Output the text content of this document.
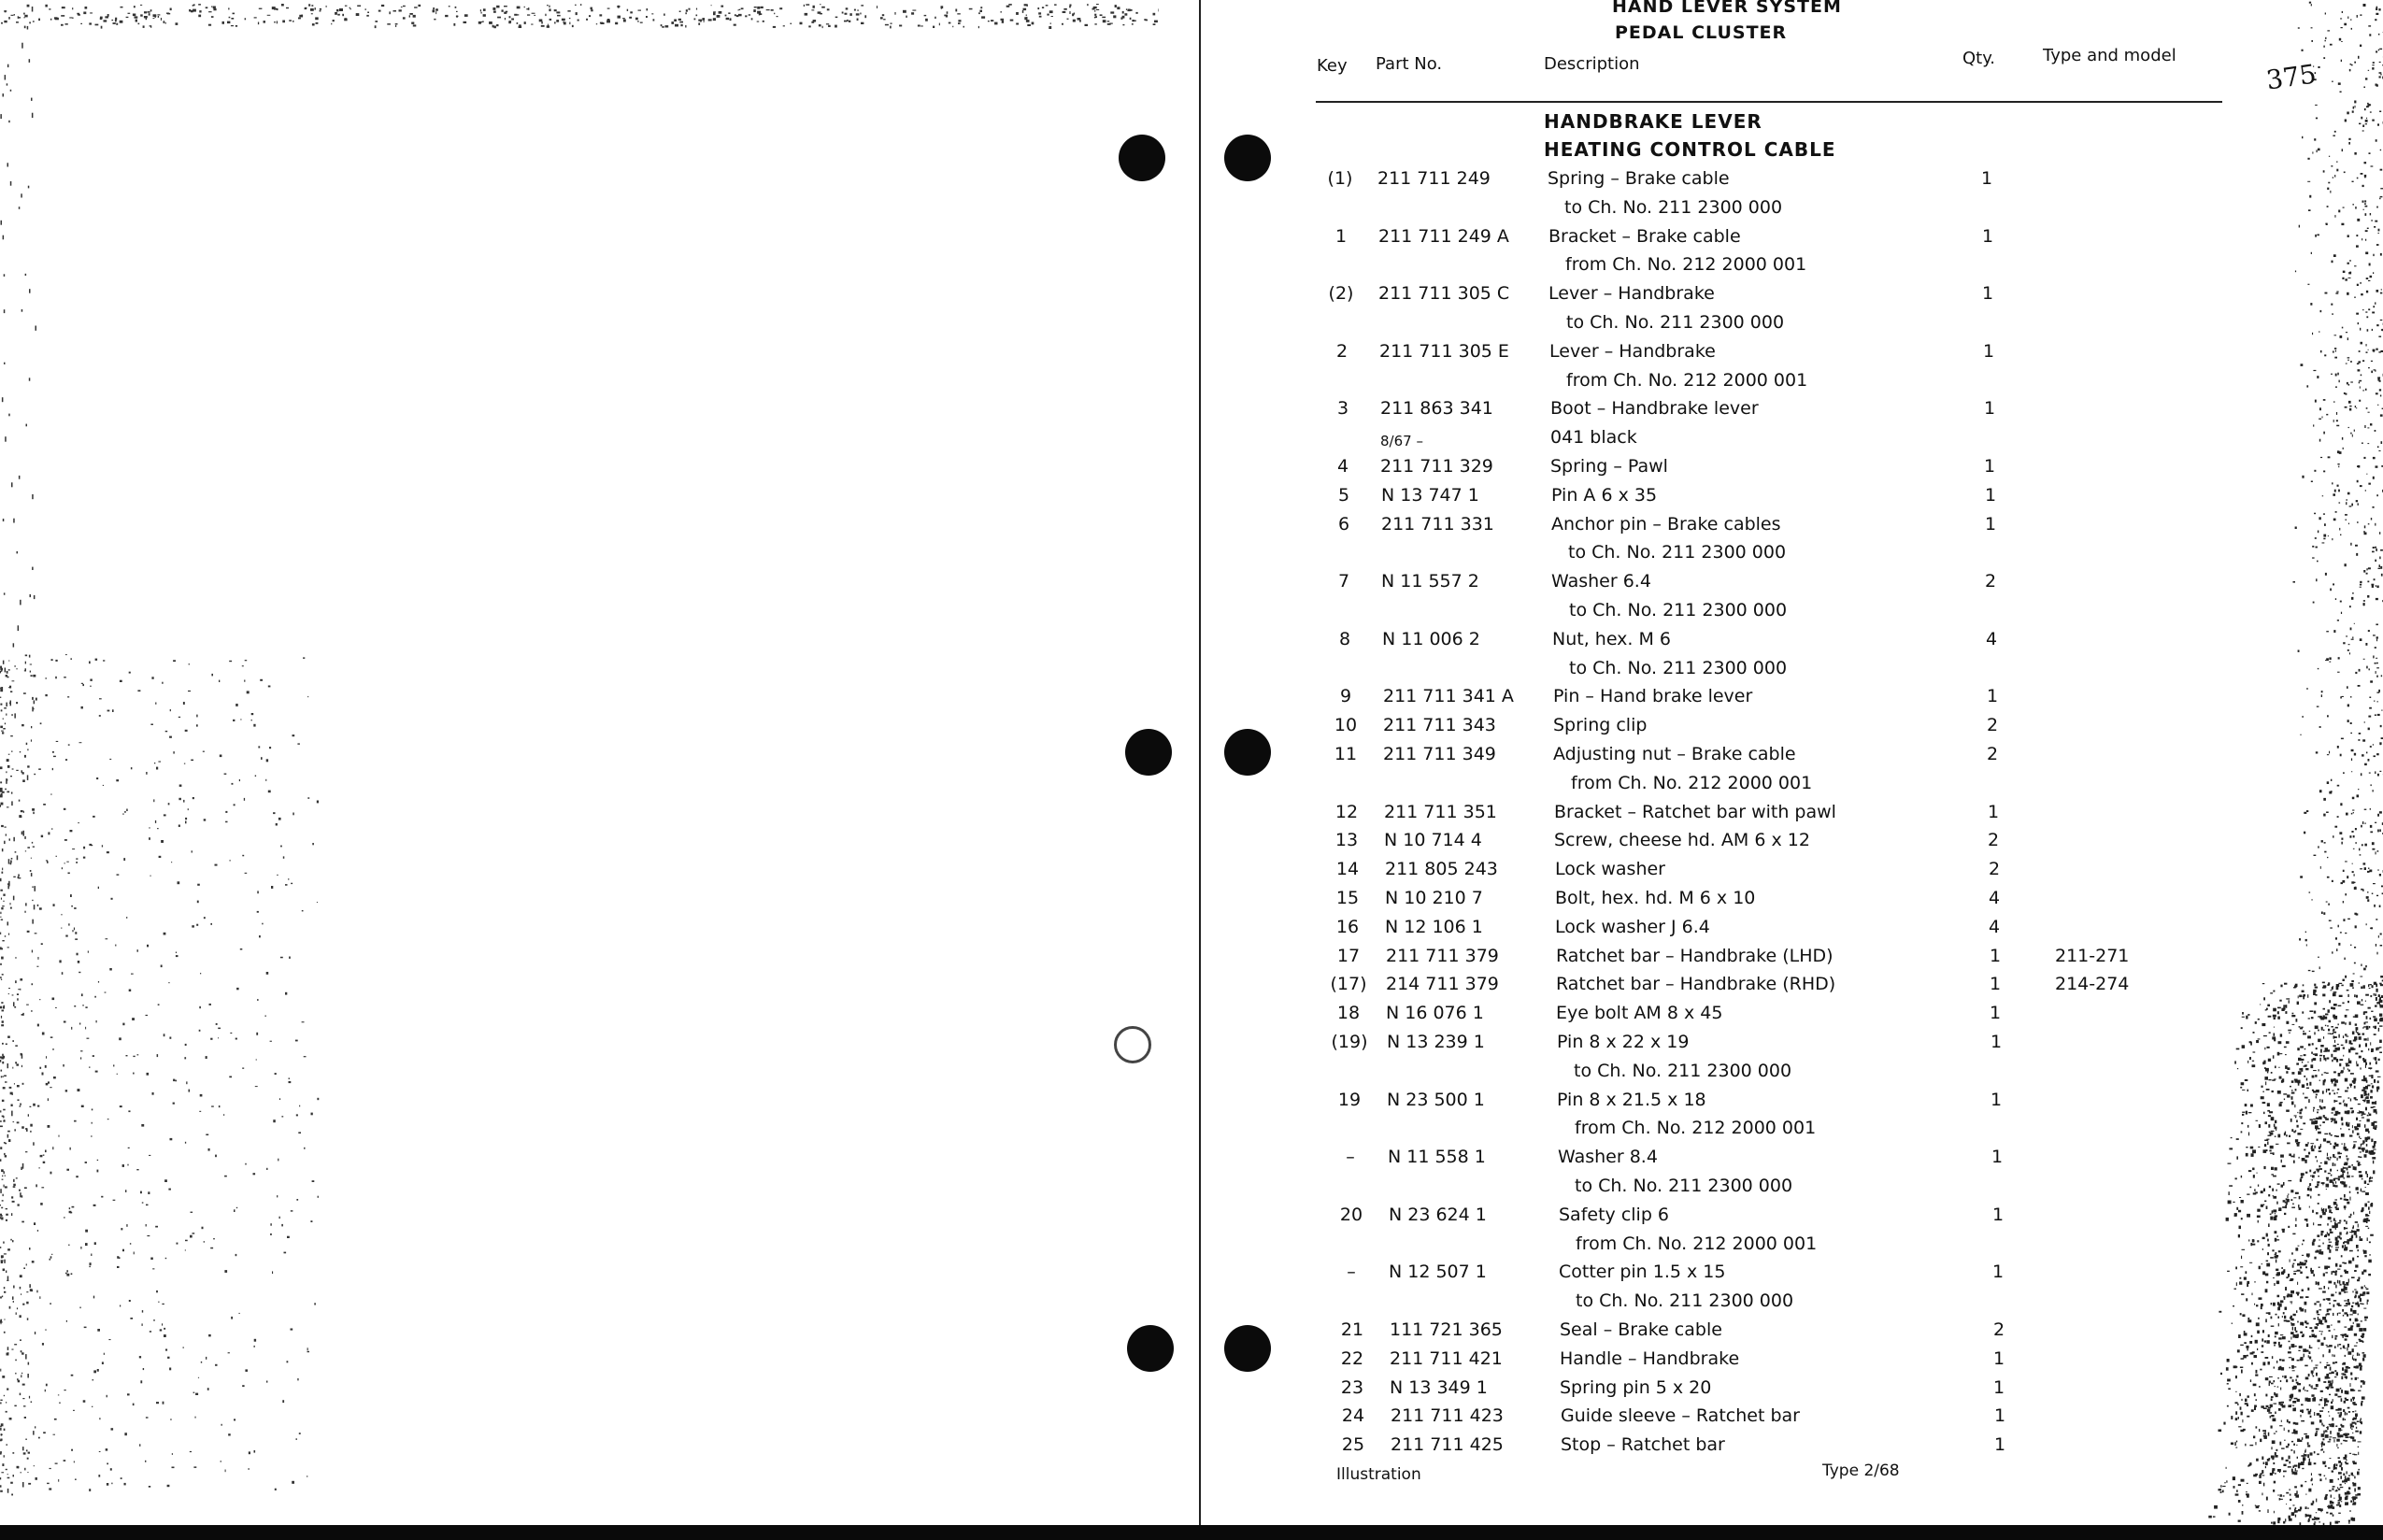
HAND LEVER SYSTEM
PEDAL CLUSTER
Key Part No.	Description	Qty.	Type and model
375
HANDBRAKE LEVER
HEATING CONTROL CABLE
(1)	211 711 249	Spring – Brake cable	1
to Ch. No. 211 2300 000
1	211 711 249 A Bracket – Brake cable	1
from Ch. No. 212 2000 001
(2)	211 711 305 C Lever – Handbrake	1
to Ch. No. 211 2300 000
2	211 711 305 E Lever – Handbrake	1
from Ch. No. 212 2000 001
3	211 863 341	Boot – Handbrake lever	1
8/67 –	041 black
4	211 711 329	Spring – Pawl	1
5	N 13 747 1	Pin A 6 x 35	1
6	211 711 331	Anchor pin – Brake cables	1
to Ch. No. 211 2300 000
7	N 11 557 2	Washer 6.4	2
to Ch. No. 211 2300 000
8	N 11 006 2	Nut, hex. M 6	4
to Ch. No. 211 2300 000
9	211 711 341 A Pin – Hand brake lever	1
10	211 711 343	Spring clip	2
11	211 711 349	Adjusting nut – Brake cable	2
from Ch. No. 212 2000 001
12	211 711 351	Bracket – Ratchet bar with pawl	1
13	N 10 714 4	Screw, cheese hd. AM 6 x 12	2
14	211 805 243	Lock washer	2
15	N 10 210 7	Bolt, hex. hd. M 6 x 10	4
16	N 12 106 1	Lock washer J 6.4	4
17	211 711 379	Ratchet bar – Handbrake (LHD)	1	211-271
(17)	214 711 379	Ratchet bar – Handbrake (RHD)	1	214-274
18	N 16 076 1	Eye bolt AM 8 x 45	1
(19)	N 13 239 1	Pin 8 x 22 x 19	1
to Ch. No. 211 2300 000
19	N 23 500 1	Pin 8 x 21.5 x 18	1
from Ch. No. 212 2000 001
–	N 11 558 1	Washer 8.4	1
to Ch. No. 211 2300 000
20	N 23 624 1	Safety clip 6	1
from Ch. No. 212 2000 001
–	N 12 507 1	Cotter pin 1.5 x 15	1
to Ch. No. 211 2300 000
21	111 721 365	Seal – Brake cable	2
22	211 711 421	Handle – Handbrake	1
23	N 13 349 1	Spring pin 5 x 20	1
24	211 711 423	Guide sleeve – Ratchet bar	1
25	211 711 425	Stop – Ratchet bar	1
Illustration	Type 2/68
